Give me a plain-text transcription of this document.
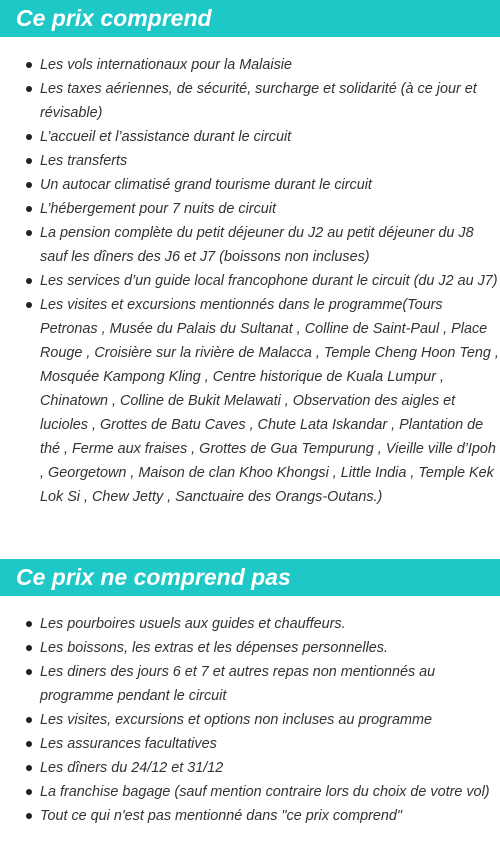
Ce prix comprend
Les vols internationaux pour la Malaisie
Les taxes aériennes, de sécurité, surcharge et solidarité (à ce jour et révisable)
L’accueil et l’assistance durant le circuit
Les transferts
Un autocar climatisé grand tourisme durant le circuit
L’hébergement pour 7 nuits de circuit
La pension complète du petit déjeuner du J2 au petit déjeuner du J8 sauf les dîners des J6 et J7 (boissons non incluses)
Les services d’un guide local francophone durant le circuit (du J2 au J7)
Les visites et excursions mentionnés dans le programme(Tours Petronas , Musée du Palais du Sultanat , Colline de Saint-Paul , Place Rouge , Croisière sur la rivière de Malacca , Temple Cheng Hoon Teng , Mosquée Kampong Kling , Centre historique de Kuala Lumpur , Chinatown , Colline de Bukit Melawati , Observation des aigles et lucioles , Grottes de Batu Caves , Chute Lata Iskandar , Plantation de thé , Ferme aux fraises , Grottes de Gua Tempurung , Vieille ville d’Ipoh , Georgetown , Maison de clan Khoo Khongsi , Little India , Temple Kek Lok Si , Chew Jetty , Sanctuaire des Orangs-Outans.)
Ce prix ne comprend pas
Les pourboires usuels aux guides et chauffeurs.
Les boissons, les extras et les dépenses personnelles.
Les diners des jours 6 et 7 et autres repas non mentionnés au programme pendant le circuit
Les visites, excursions et options non incluses au programme
Les assurances facultatives
Les dîners du 24/12 et 31/12
La franchise bagage (sauf mention contraire lors du choix de votre vol)
Tout ce qui n'est pas mentionné dans "ce prix comprend"
